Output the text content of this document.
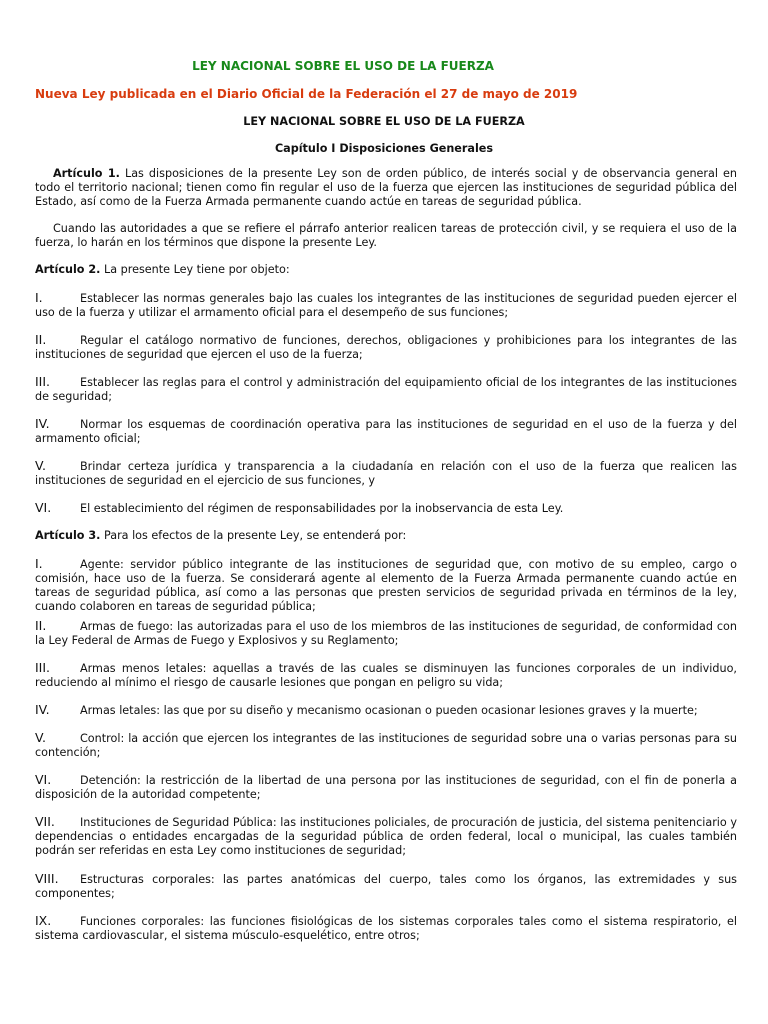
LEY NACIONAL SOBRE EL USO DE LA FUERZA
Nueva Ley publicada en el Diario Oficial de la Federación el 27 de mayo de 2019
LEY NACIONAL SOBRE EL USO DE LA FUERZA
Capítulo I Disposiciones Generales
Artículo 1. Las disposiciones de la presente Ley son de orden público, de interés social y de observancia general en todo el territorio nacional; tienen como fin regular el uso de la fuerza que ejercen las instituciones de seguridad pública del Estado, así como de la Fuerza Armada permanente cuando actúe en tareas de seguridad pública.
Cuando las autoridades a que se refiere el párrafo anterior realicen tareas de protección civil, y se requiera el uso de la fuerza, lo harán en los términos que dispone la presente Ley.
Artículo 2. La presente Ley tiene por objeto:
I.	Establecer las normas generales bajo las cuales los integrantes de las instituciones de seguridad pueden ejercer el uso de la fuerza y utilizar el armamento oficial para el desempeño de sus funciones;
II.	Regular el catálogo normativo de funciones, derechos, obligaciones y prohibiciones para los integrantes de las instituciones de seguridad que ejercen el uso de la fuerza;
III.	Establecer las reglas para el control y administración del equipamiento oficial de los integrantes de las instituciones de seguridad;
IV.	Normar los esquemas de coordinación operativa para las instituciones de seguridad en el uso de la fuerza y del armamento oficial;
V.	Brindar certeza jurídica y transparencia a la ciudadanía en relación con el uso de la fuerza que realicen las instituciones de seguridad en el ejercicio de sus funciones, y
VI.	El establecimiento del régimen de responsabilidades por la inobservancia de esta Ley.
Artículo 3. Para los efectos de la presente Ley, se entenderá por:
I.	Agente: servidor público integrante de las instituciones de seguridad que, con motivo de su empleo, cargo o comisión, hace uso de la fuerza. Se considerará agente al elemento de la Fuerza Armada permanente cuando actúe en tareas de seguridad pública, así como a las personas que presten servicios de seguridad privada en términos de la ley, cuando colaboren en tareas de seguridad pública;
II.	Armas de fuego: las autorizadas para el uso de los miembros de las instituciones de seguridad, de conformidad con la Ley Federal de Armas de Fuego y Explosivos y su Reglamento;
III.	Armas menos letales: aquellas a través de las cuales se disminuyen las funciones corporales de un individuo, reduciendo al mínimo el riesgo de causarle lesiones que pongan en peligro su vida;
IV.	Armas letales: las que por su diseño y mecanismo ocasionan o pueden ocasionar lesiones graves y la muerte;
V.	Control: la acción que ejercen los integrantes de las instituciones de seguridad sobre una o varias personas para su contención;
VI.	Detención: la restricción de la libertad de una persona por las instituciones de seguridad, con el fin de ponerla a disposición de la autoridad competente;
VII. Instituciones de Seguridad Pública: las instituciones policiales, de procuración de justicia, del sistema penitenciario y dependencias o entidades encargadas de la seguridad pública de orden federal, local o municipal, las cuales también podrán ser referidas en esta Ley como instituciones de seguridad;
VIII. Estructuras corporales: las partes anatómicas del cuerpo, tales como los órganos, las extremidades y sus componentes;
IX.	Funciones corporales: las funciones fisiológicas de los sistemas corporales tales como el sistema respiratorio, el sistema cardiovascular, el sistema músculo-esquelético, entre otros;
